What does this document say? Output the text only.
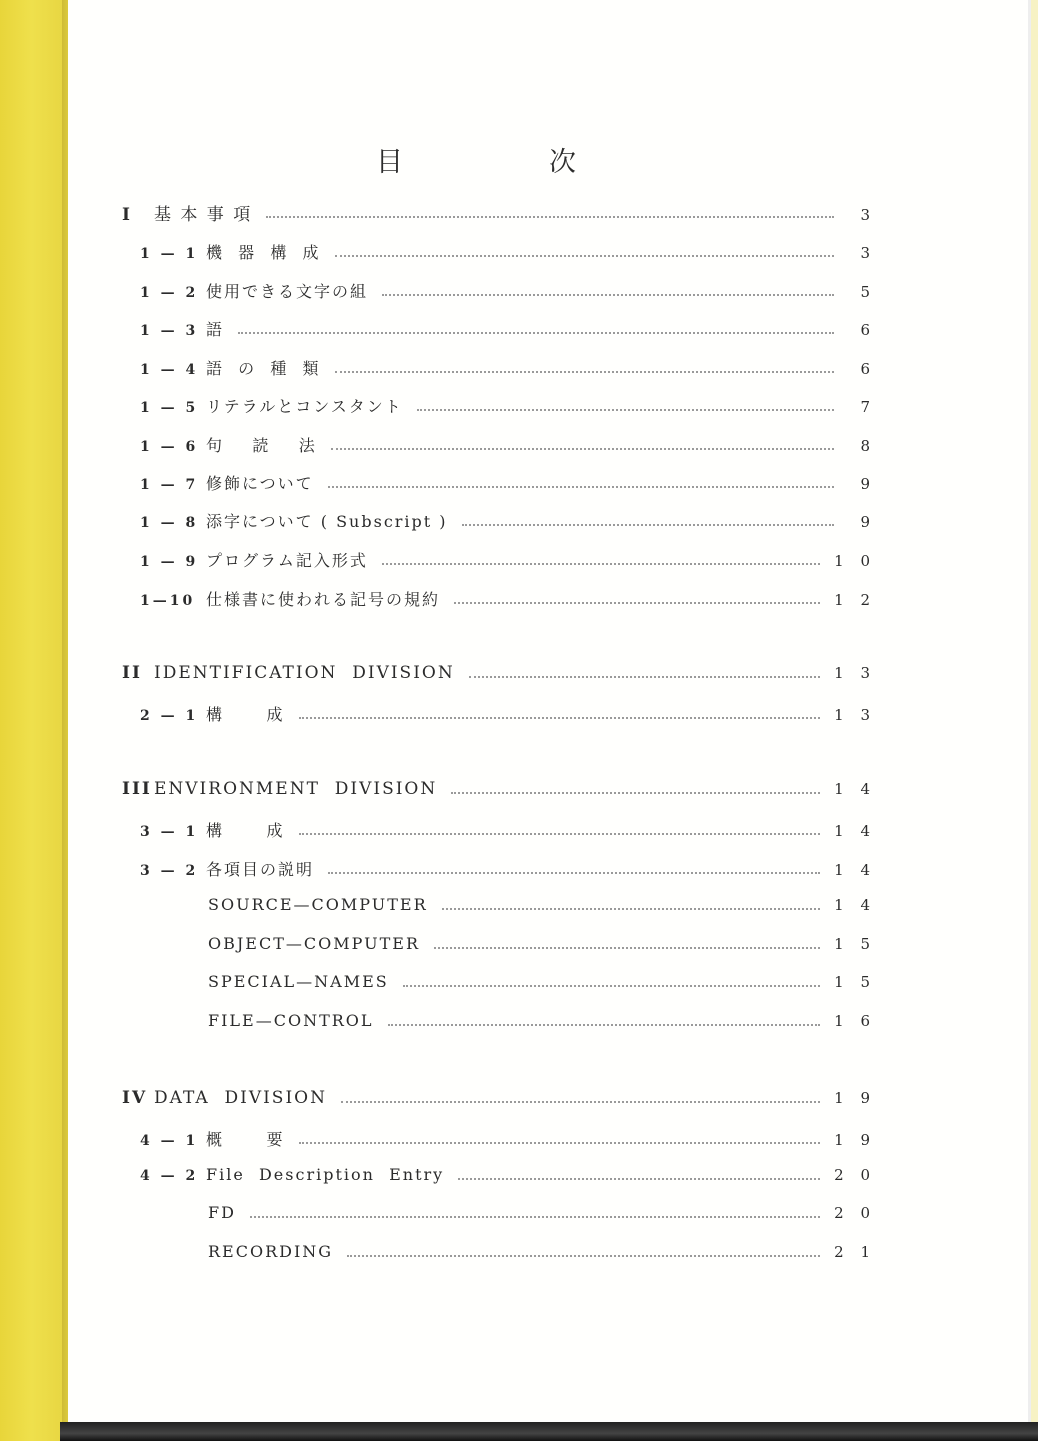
目	次
I	基 本 事 項	3
1 — 1 機  器  構  成	3
1 — 2 使用できる文字の組	5
1 — 3 語	6
1 — 4 語  の  種  類	6
1 — 5 リテラルとコンスタント	7
1 — 6 句    読    法	8
1 — 7 修飾について	9
1 — 8 添字について ( Subscript )	9
1 — 9 プログラム記入形式	1 0
1—10 仕様書に使われる記号の規約	1 2
II IDENTIFICATION  DIVISION	1 3
2 — 1 構      成	1 3
III ENVIRONMENT  DIVISION	1 4
3 — 1 構      成	1 4
3 — 2 各項目の説明	1 4
SOURCE—COMPUTER	1 4
OBJECT—COMPUTER	1 5
SPECIAL—NAMES	1 5
FILE—CONTROL	1 6
IV DATA  DIVISION	1 9
4 — 1 概      要	1 9
4 — 2 File  Description  Entry	2 0
FD	2 0
RECORDING	2 1
